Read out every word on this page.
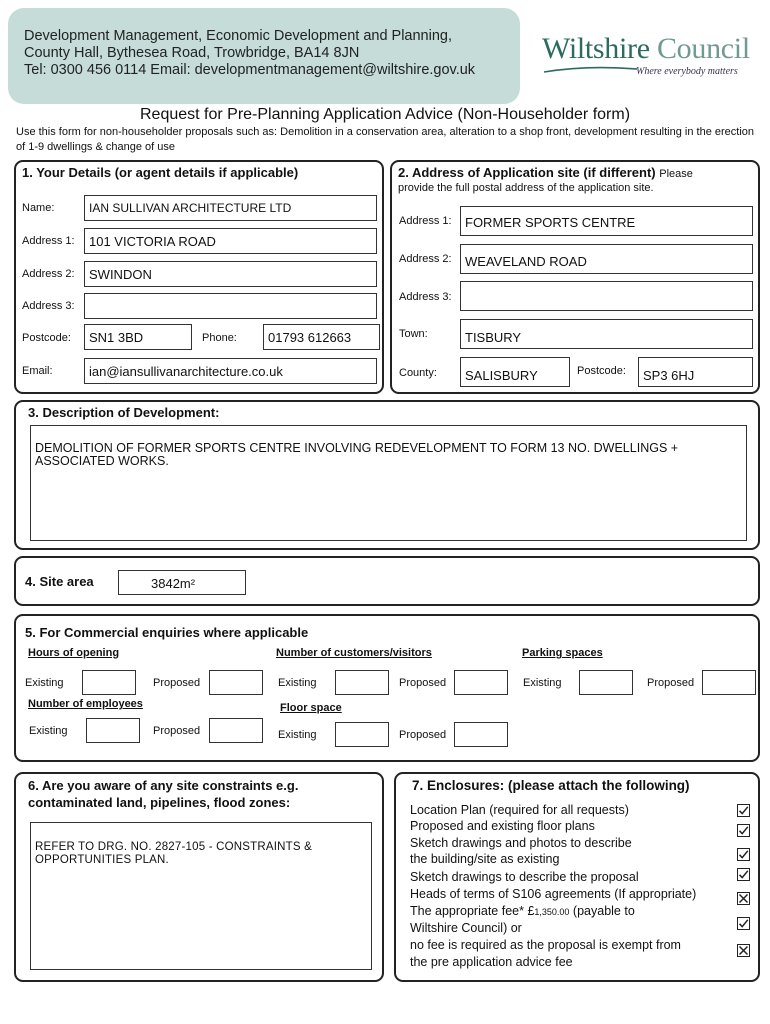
Development Management, Economic Development and Planning,
County Hall, Bythesea Road, Trowbridge, BA14 8JN
Tel: 0300 456 0114 Email: developmentmanagement@wiltshire.gov.uk
Wiltshire Council
Where everybody matters
Request for Pre-Planning Application Advice (Non-Householder form)
Use this form for non-householder proposals such as: Demolition in a conservation area, alteration to a shop front, development resulting in the erection of 1-9 dwellings & change of use
1. Your Details (or agent details if applicable)
Name:	IAN SULLIVAN ARCHITECTURE LTD
Address 1:	101 VICTORIA ROAD
Address 2:	SWINDON
Address 3:
Postcode:	SN1 3BD	Phone:	01793 612663
Email:	ian@iansullivanarchitecture.co.uk
2. Address of Application site (if different) Please
provide the full postal address of the application site.
Address 1:	FORMER SPORTS CENTRE
Address 2:	WEAVELAND ROAD
Address 3:
Town:	TISBURY
County:	SALISBURY	Postcode:	SP3 6HJ
3. Description of Development:
DEMOLITION OF FORMER SPORTS CENTRE INVOLVING REDEVELOPMENT TO FORM 13 NO. DWELLINGS + ASSOCIATED WORKS.
4. Site area	3842m²
5. For Commercial enquiries where applicable
Hours of opening	Number of customers/visitors	Parking spaces
Existing	Proposed	Existing	Proposed	Existing	Proposed
Number of employees	Floor space
Existing	Proposed	Existing	Proposed
6. Are you aware of any site constraints e.g.
contaminated land, pipelines, flood zones:
REFER TO DRG. NO. 2827-105 - CONSTRAINTS & OPPORTUNITIES PLAN.
7. Enclosures: (please attach the following)
Location Plan (required for all requests)
Proposed and existing floor plans
Sketch drawings and photos to describe
the building/site as existing
Sketch drawings to describe the proposal
Heads of terms of S106 agreements (If appropriate)
The appropriate fee* £1,350.00 (payable to
Wiltshire Council) or
no fee is required as the proposal is exempt from
the pre application advice fee
